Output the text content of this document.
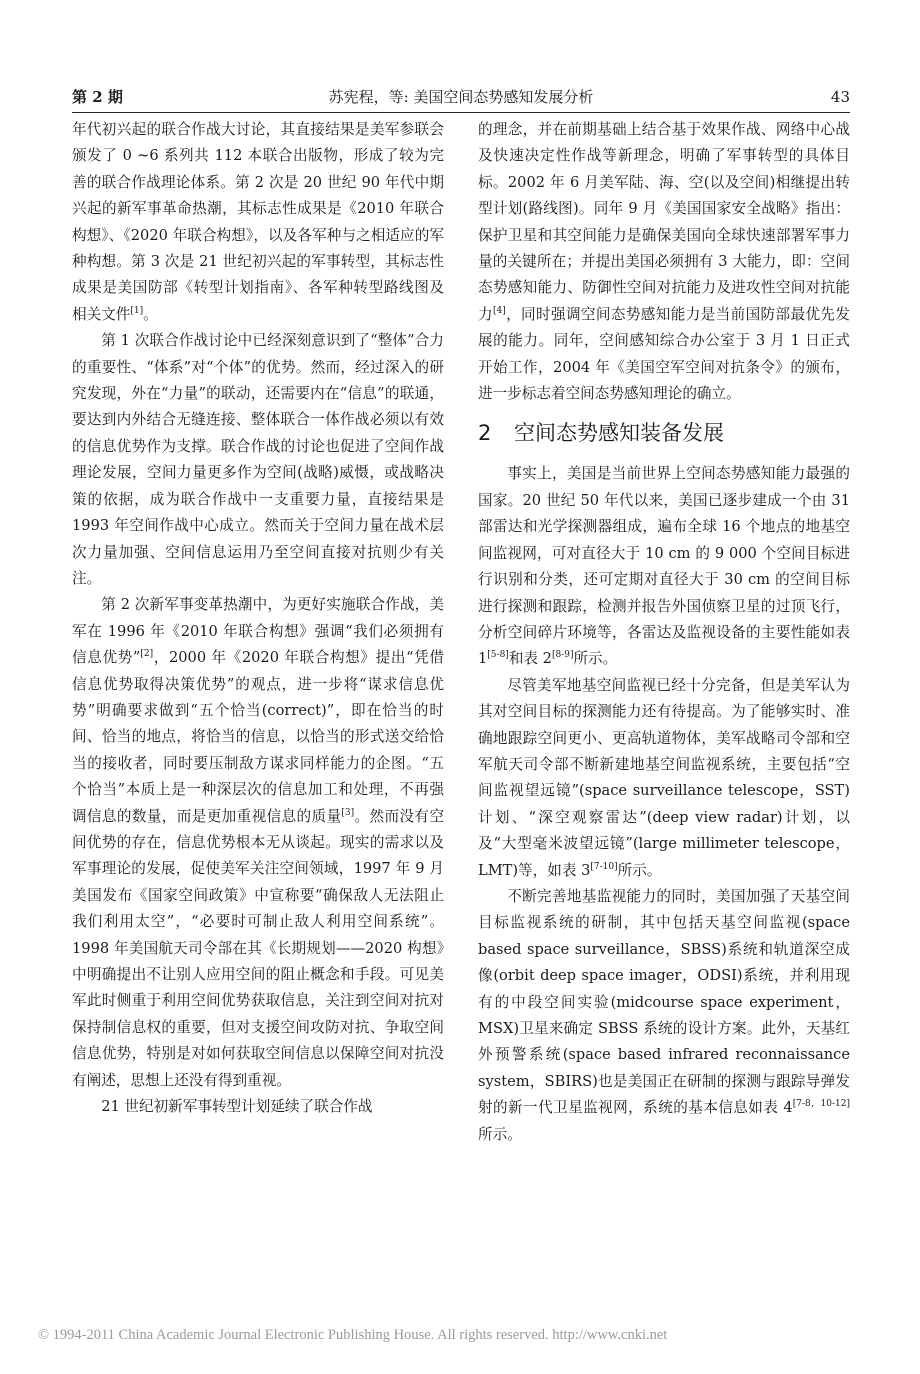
第 2 期	苏宪程，等: 美国空间态势感知发展分析	43

年代初兴起的联合作战大讨论，其直接结果是美军参联会颁发了 0 ~6 系列共 112 本联合出版物，形成了较为完善的联合作战理论体系。第 2 次是 20 世纪 90 年代中期兴起的新军事革命热潮，其标志性成果是《2010 年联合构想》、《2020 年联合构想》，以及各军种与之相适应的军种构想。第 3 次是 21 世纪初兴起的军事转型，其标志性成果是美国防部《转型计划指南》、各军种转型路线图及相关文件[1]。

第 1 次联合作战讨论中已经深刻意识到了“整体”合力的重要性、“体系”对“个体”的优势。然而，经过深入的研究发现，外在“力量”的联动，还需要内在“信息”的联通，要达到内外结合无缝连接、整体联合一体作战必须以有效的信息优势作为支撑。联合作战的讨论也促进了空间作战理论发展，空间力量更多作为空间(战略)威慑，或战略决策的依据，成为联合作战中一支重要力量，直接结果是 1993 年空间作战中心成立。然而关于空间力量在战术层次力量加强、空间信息运用乃至空间直接对抗则少有关注。

第 2 次新军事变革热潮中，为更好实施联合作战，美军在 1996 年《2010 年联合构想》强调“我们必须拥有信息优势”[2]，2000 年《2020 年联合构想》提出“凭借信息优势取得决策优势”的观点，进一步将“谋求信息优势”明确要求做到“五个恰当(correct)”，即在恰当的时间、恰当的地点，将恰当的信息，以恰当的形式送交给恰当的接收者，同时要压制敌方谋求同样能力的企图。“五个恰当”本质上是一种深层次的信息加工和处理，不再强调信息的数量，而是更加重视信息的质量[3]。然而没有空间优势的存在，信息优势根本无从谈起。现实的需求以及军事理论的发展，促使美军关注空间领域，1997 年 9 月美国发布《国家空间政策》中宣称要“确保敌人无法阻止我们利用太空”，“必要时可制止敌人利用空间系统”。1998 年美国航天司令部在其《长期规划——2020 构想》中明确提出不让别人应用空间的阻止概念和手段。可见美军此时侧重于利用空间优势获取信息，关注到空间对抗对保持制信息权的重要，但对支援空间攻防对抗、争取空间信息优势，特别是对如何获取空间信息以保障空间对抗没有阐述，思想上还没有得到重视。

21 世纪初新军事转型计划延续了联合作战

的理念，并在前期基础上结合基于效果作战、网络中心战及快速决定性作战等新理念，明确了军事转型的具体目标。2002 年 6 月美军陆、海、空(以及空间)相继提出转型计划(路线图)。同年 9 月《美国国家安全战略》指出：保护卫星和其空间能力是确保美国向全球快速部署军事力量的关键所在；并提出美国必须拥有 3 大能力，即：空间态势感知能力、防御性空间对抗能力及进攻性空间对抗能力[4]，同时强调空间态势感知能力是当前国防部最优先发展的能力。同年，空间感知综合办公室于 3 月 1 日正式开始工作，2004 年《美国空军空间对抗条令》的颁布，进一步标志着空间态势感知理论的确立。

2 空间态势感知装备发展

事实上，美国是当前世界上空间态势感知能力最强的国家。20 世纪 50 年代以来，美国已逐步建成一个由 31 部雷达和光学探测器组成，遍布全球 16 个地点的地基空间监视网，可对直径大于 10 cm 的 9 000 个空间目标进行识别和分类，还可定期对直径大于 30 cm 的空间目标进行探测和跟踪，检测并报告外国侦察卫星的过顶飞行，分析空间碎片环境等，各雷达及监视设备的主要性能如表 1[5-8]和表 2[8-9]所示。

尽管美军地基空间监视已经十分完备，但是美军认为其对空间目标的探测能力还有待提高。为了能够实时、准确地跟踪空间更小、更高轨道物体，美军战略司令部和空军航天司令部不断新建地基空间监视系统，主要包括“空间监视望远镜”(space surveillance telescope，SST)计划、“深空观察雷达”(deep view radar)计划，以及“大型毫米波望远镜”(large millimeter telescope，LMT)等，如表 3[7-10]所示。

不断完善地基监视能力的同时，美国加强了天基空间目标监视系统的研制，其中包括天基空间监视(space based space surveillance，SBSS)系统和轨道深空成像(orbit deep space imager，ODSI)系统，并利用现有的中段空间实验(midcourse space experiment，MSX)卫星来确定 SBSS 系统的设计方案。此外，天基红外预警系统(space based infrared reconnaissance system，SBIRS)也是美国正在研制的探测与跟踪导弹发射的新一代卫星监视网，系统的基本信息如表 4[7-8，10-12]所示。

© 1994-2011 China Academic Journal Electronic Publishing House. All rights reserved. http://www.cnki.net
